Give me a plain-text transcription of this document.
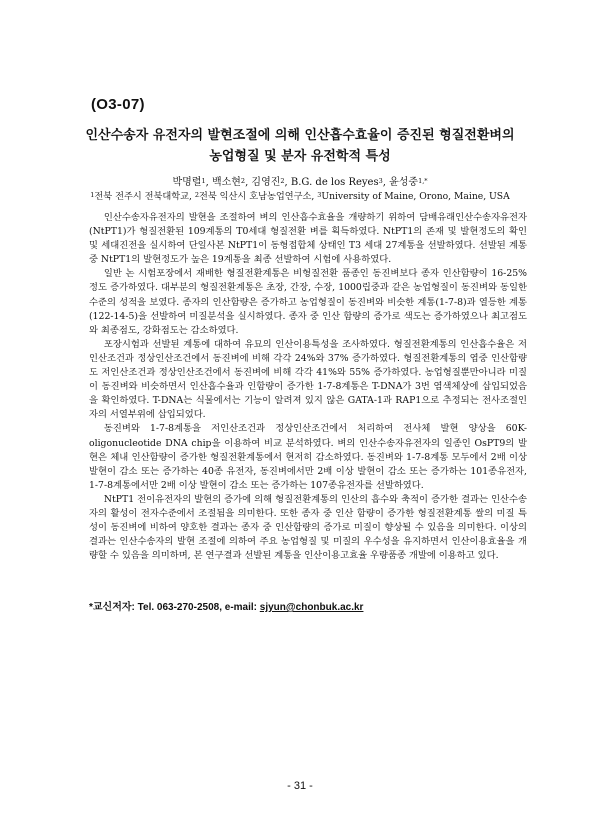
(O3-07)
인산수송자 유전자의 발현조절에 의해 인산흡수효율이 증진된 형질전환벼의
농업형질 및 분자 유전학적 특성
박명렬$^1$, 백소현$^2$, 김영진$^2$, B.G. de los Reyes$^3$, 윤성중$^{1,*}$
$^1$전북 전주시 전북대학교, $^2$전북 익산시 호남농업연구소, $^3$University of Maine, Orono, Maine, USA

인산수송자유전자의 발현을 조절하여 벼의 인산흡수효율을 개량하기 위하여 담배유래인산수송자유전자(NtPT1)가 형질전환된 109계통의 T0세대 형질전환 벼를 획득하였다. NtPT1의 존재 및 발현정도의 확인 및 세대진전을 실시하여 단일사본 NtPT1이 동형접합체 상태인 T3 세대 27계통을 선발하였다. 선발된 계통 중 NtPT1의 발현정도가 높은 19계통을 최종 선발하여 시험에 사용하였다.

일반 논 시험포장에서 재배한 형질전환계통은 비형질전환 품종인 동진벼보다 종자 인산함량이 16-25%정도 증가하였다. 대부분의 형질전환계통은 초장, 간장, 수장, 1000립중과 같은 농업형질이 동진벼와 동일한 수준의 성적을 보였다. 종자의 인산함량은 증가하고 농업형질이 동진벼와 비슷한 계통(1-7-8)과 열등한 계통(122-14-5)을 선발하여 미질분석을 실시하였다. 종자 중 인산 함량의 증가로 색도는 증가하였으나 최고점도와 최종점도, 강화점도는 감소하였다.

포장시험과 선발된 계통에 대하여 유묘의 인산이용특성을 조사하였다. 형질전환계통의 인산흡수율은 저인산조건과 정상인산조건에서 동진벼에 비해 각각 24%와 37% 증가하였다. 형질전환계통의 엽중 인산함량도 저인산조건과 정상인산조건에서 동진벼에 비해 각각 41%와 55% 증가하였다. 농업형질뿐만아니라 미질이 동진벼와 비슷하면서 인산흡수율과 인함량이 증가한 1-7-8계통은 T-DNA가 3번 염색체상에 삽입되었음을 확인하였다. T-DNA는 식물에서는 기능이 알려져 있지 않은 GATA-1과 RAP1으로 추정되는 전사조절인자의 서열부위에 삽입되었다.

동진벼와 1-7-8계통을 저인산조건과 정상인산조건에서 처리하여 전사체 발현 양상을 60K-oligonucleotide DNA chip을 이용하여 비교 분석하였다. 벼의 인산수송자유전자의 일종인 OsPT9의 발현은 체내 인산함량이 증가한 형질전환계통에서 현저히 감소하였다. 동진벼와 1-7-8계통 모두에서 2배 이상 발현이 감소 또는 증가하는 40종 유전자, 동진벼에서만 2배 이상 발현이 감소 또는 증가하는 101종유전자, 1-7-8계통에서만 2배 이상 발현이 감소 또는 증가하는 107종유전자를 선발하였다.

NtPT1 전이유전자의 발현의 증가에 의해 형질전환계통의 인산의 흡수와 축적이 증가한 결과는 인산수송자의 활성이 전자수준에서 조절됨을 의미한다. 또한 종자 중 인산 함량이 증가한 형질전환계통 쌀의 미질 특성이 동진벼에 비하여 양호한 결과는 종자 중 인산함량의 증가로 미질이 향상될 수 있음을 의미한다. 이상의 결과는 인산수송자의 발현 조절에 의하여 주요 농업형질 및 미질의 우수성을 유지하면서 인산이용효율을 개량할 수 있음을 의미하며, 본 연구결과 선발된 계통을 인산이용고효율 우량품종 개발에 이용하고 있다.

*교신저자: Tel. 063-270-2508, e-mail: sjyun@chonbuk.ac.kr
- 31 -
